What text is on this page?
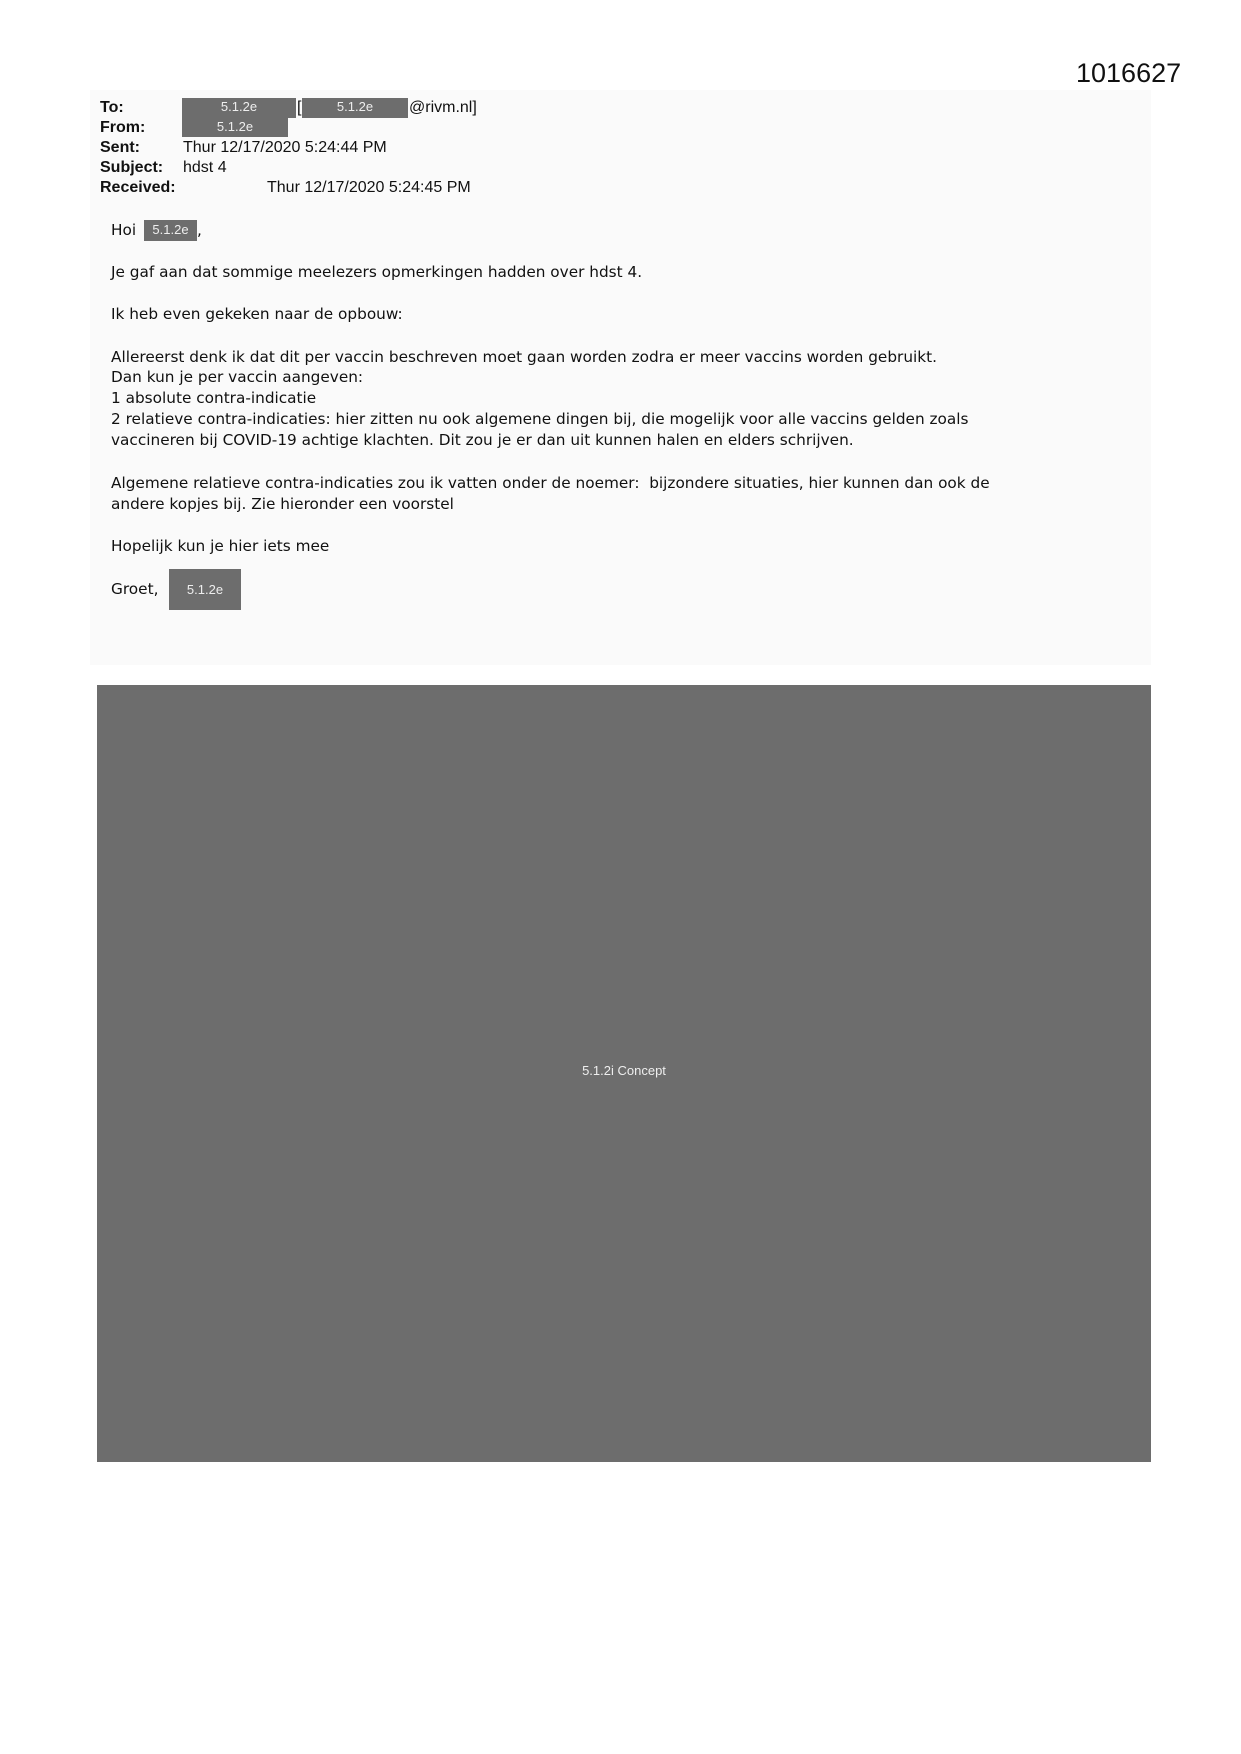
1016627
To:	5.1.2e	[	5.1.2e	@rivm.nl]
From:	5.1.2e
Sent:	Thur 12/17/2020 5:24:44 PM
Subject: hdst 4
Received:	Thur 12/17/2020 5:24:45 PM
Hoi	5.1.2e ,
Je gaf aan dat sommige meelezers opmerkingen hadden over hdst 4.
Ik heb even gekeken naar de opbouw:
Allereerst denk ik dat dit per vaccin beschreven moet gaan worden zodra er meer vaccins worden gebruikt.
Dan kun je per vaccin aangeven:
1 absolute contra-indicatie
2 relatieve contra-indicaties: hier zitten nu ook algemene dingen bij, die mogelijk voor alle vaccins gelden zoals
vaccineren bij COVID-19 achtige klachten. Dit zou je er dan uit kunnen halen en elders schrijven.
Algemene relatieve contra-indicaties zou ik vatten onder de noemer:  bijzondere situaties, hier kunnen dan ook de
andere kopjes bij. Zie hieronder een voorstel
Hopelijk kun je hier iets mee
Groet,	5.1.2e
5.1.2i Concept
